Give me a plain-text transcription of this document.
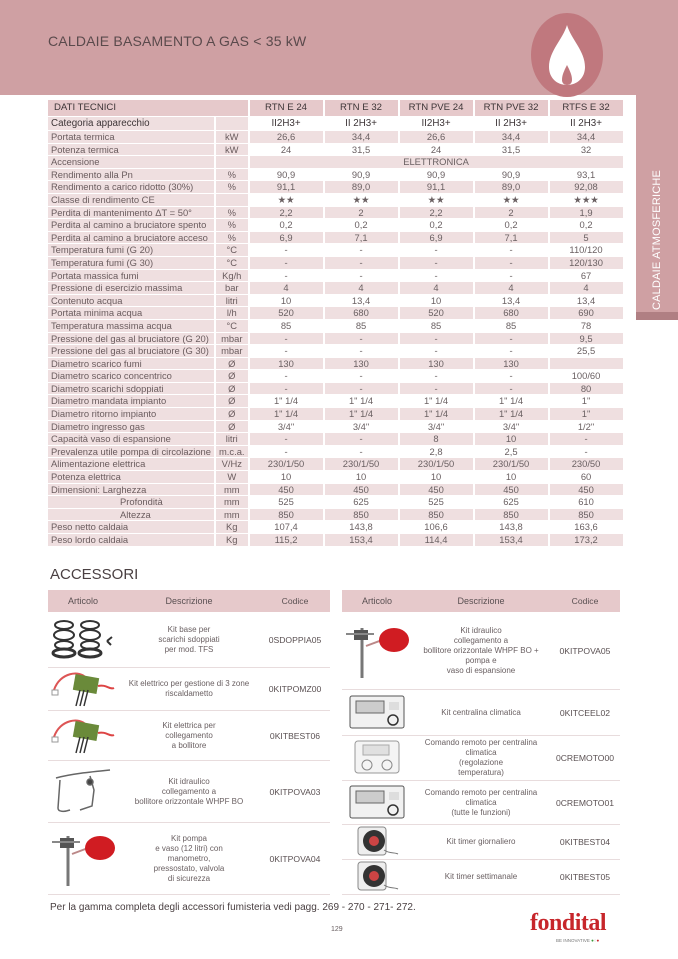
CALDAIE ATMOSFERICHE
CALDAIE BASAMENTO A GAS < 35 kW
DATI TECNICI		RTN E 24	RTN E 32	RTN PVE 24	RTN PVE 32	RTFS E 32
Categoria apparecchio		II2H3+	II 2H3+	II2H3+	II 2H3+	II 2H3+
Portata termica	kW	26,6	34,4	26,6	34,4	34,4
Potenza termica	kW	24	31,5	24	31,5	32
Accensione		ELETTRONICA				
Rendimento alla Pn	%	90,9	90,9	90,9	90,9	93,1
Rendimento a carico ridotto (30%)	%	91,1	89,0	91,1	89,0	92,08
Classe di rendimento CE		★★	★★	★★	★★	★★★
Perdita di mantenimento ΔT = 50°	%	2,2	2	2,2	2	1,9
Perdita al camino a bruciatore spento	%	0,2	0,2	0,2	0,2	0,2
Perdita al camino a bruciatore acceso	%	6,9	7,1	6,9	7,1	5
Temperatura fumi (G 20)	°C	-	-	-	-	110/120
Temperatura fumi (G 30)	°C	-	-	-	-	120/130
Portata massica fumi	Kg/h	-	-	-	-	67
Pressione di esercizio massima	bar	4	4	4	4	4
Contenuto acqua	litri	10	13,4	10	13,4	13,4
Portata minima acqua	l/h	520	680	520	680	690
Temperatura massima acqua	°C	85	85	85	85	78
Pressione del gas al bruciatore (G 20)	mbar	-	-	-	-	9,5
Pressione del gas al bruciatore (G 30)	mbar	-	-	-	-	25,5
Diametro scarico fumi	Ø	130	130	130	130	
Diametro scarico concentrico	Ø	-	-	-	-	100/60
Diametro scarichi sdoppiati	Ø	-	-	-	-	80
Diametro mandata impianto	Ø	1" 1/4	1" 1/4	1" 1/4	1" 1/4	1"
Diametro ritorno impianto	Ø	1" 1/4	1" 1/4	1" 1/4	1" 1/4	1"
Diametro ingresso gas	Ø	3/4"	3/4"	3/4"	3/4"	1/2"
Capacità vaso di espansione	litri	-	-	8	10	-
Prevalenza utile pompa di circolazione	m.c.a.	-	-	2,8	2,5	-
Alimentazione elettrica	V/Hz	230/1/50	230/1/50	230/1/50	230/1/50	230/50
Potenza elettrica	W	10	10	10	10	60
Dimensioni: Larghezza	mm	450	450	450	450	450
Profondità	mm	525	625	525	625	610
Altezza	mm	850	850	850	850	850
Peso netto caldaia	Kg	107,4	143,8	106,6	143,8	163,6
Peso lordo caldaia	Kg	115,2	153,4	114,4	153,4	173,2
ACCESSORI
Articolo	Descrizione	Codice
Kit base per
scarichi sdoppiati
per mod. TFS
0SDOPPIA05
Kit elettrico per gestione di 3 zone
riscaldametto	0KITPOMZ00
Kit elettrica per
collegamento
a bollitore
0KITBEST06
Kit idraulico
collegamento a
bollitore orizzontale WHPF BO
0KITPOVA03
Kit pompa
e vaso (12 litri) con
manometro,
pressostato, valvola
di sicurezza
0KITPOVA04
Articolo	Descrizione	Codice
Kit idraulico
collegamento a
bollitore orizzontale WHPF BO +
pompa e
vaso di espansione
0KITPOVA05
Kit centralina climatica	0KITCEEL02
Comando remoto per centralina
climatica
(regolazione
temperatura)
0CREMOTO00
Comando remoto per centralina
climatica
(tutte le funzioni)
0CREMOTO01
Kit timer giornaliero	0KITBEST04
Kit timer settimanale	0KITBEST05
Per la gamma completa degli accessori fumisteria vedi pagg. 269 - 270 - 271- 272.
129	fondital
BE INNOVATIVE ●○●
